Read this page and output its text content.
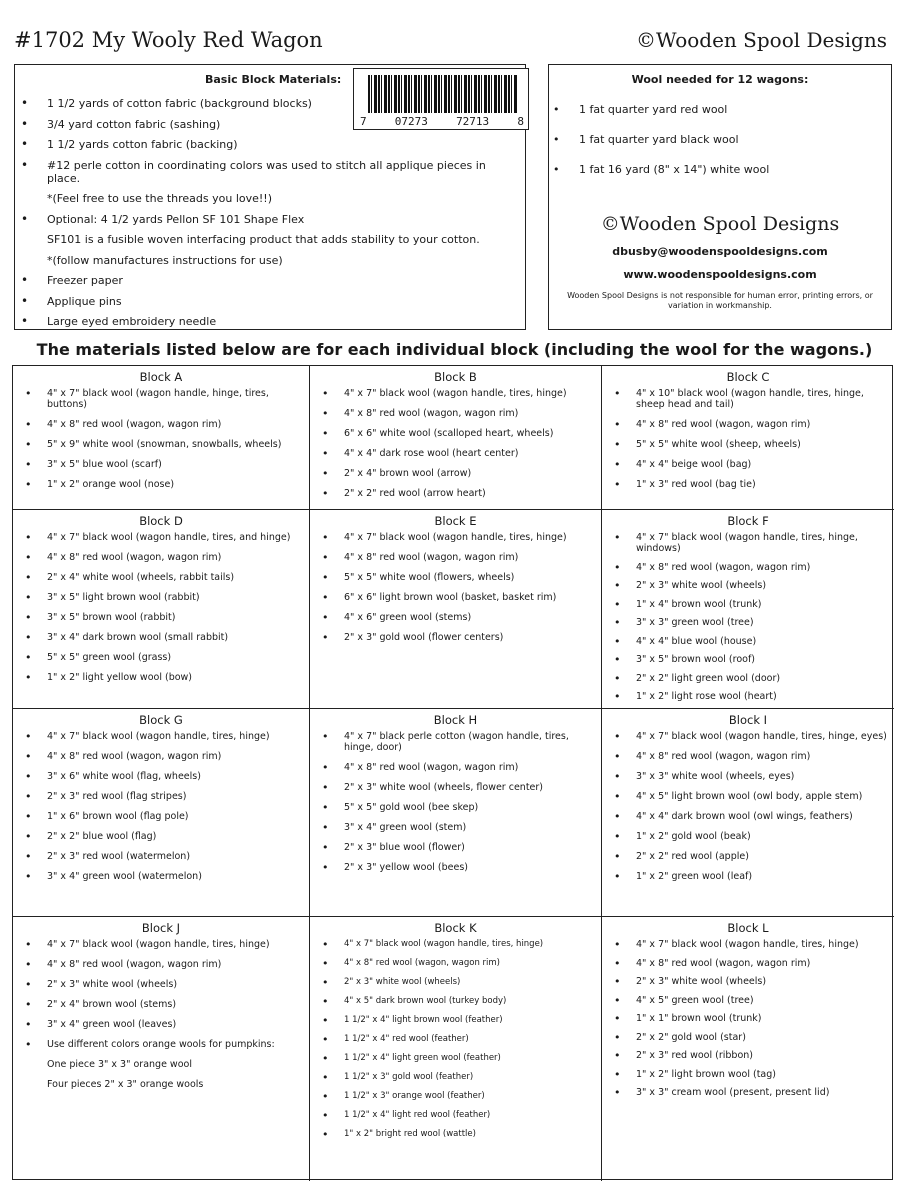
#1702 My Wooly Red Wagon	©Wooden Spool Designs
Basic Block Materials:
7	07273	72713	8
• 1 1/2 yards of cotton fabric (background blocks)
• 3/4 yard cotton fabric (sashing)
• 1 1/2 yards cotton fabric (backing)
• #12 perle cotton in coordinating colors was used to stitch all applique pieces in place.
*(Feel free to use the threads you love!!)
• Optional: 4 1/2 yards Pellon SF 101 Shape Flex
SF101 is a fusible woven interfacing product that adds stability to your cotton.
*(follow manufactures instructions for use)
• Freezer paper
• Applique pins
• Large eyed embroidery needle
Wool needed for 12 wagons:
• 1 fat quarter yard red wool
• 1 fat quarter yard black wool
• 1 fat 16 yard (8" x 14") white wool
©Wooden Spool Designs
dbusby@woodenspooldesigns.com
www.woodenspooldesigns.com
Wooden Spool Designs is not responsible for human error, printing errors, or variation in workmanship.
The materials listed below are for each individual block (including the wool for the wagons.)
Block A
• 4" x 7" black wool (wagon handle, hinge, tires, buttons)
• 4" x 8" red wool (wagon, wagon rim)
• 5" x 9" white wool (snowman, snowballs, wheels)
• 3" x 5" blue wool (scarf)
• 1" x 2" orange wool (nose)
Block B
• 4" x 7" black wool (wagon handle, tires, hinge)
• 4" x 8" red wool (wagon, wagon rim)
• 6" x 6" white wool (scalloped heart, wheels)
• 4" x 4" dark rose wool (heart center)
• 2" x 4" brown wool (arrow)
• 2" x 2" red wool (arrow heart)
Block C
• 4" x 10" black wool (wagon handle, tires, hinge, sheep head and tail)
• 4" x 8" red wool (wagon, wagon rim)
• 5" x 5" white wool (sheep, wheels)
• 4" x 4" beige wool (bag)
• 1" x 3" red wool (bag tie)
Block D
• 4" x 7" black wool (wagon handle, tires, and hinge)
• 4" x 8" red wool (wagon, wagon rim)
• 2" x 4" white wool (wheels, rabbit tails)
• 3" x 5" light brown wool (rabbit)
• 3" x 5" brown wool (rabbit)
• 3" x 4" dark brown wool (small rabbit)
• 5" x 5" green wool (grass)
• 1" x 2" light yellow wool (bow)
Block E
• 4" x 7" black wool (wagon handle, tires, hinge)
• 4" x 8" red wool (wagon, wagon rim)
• 5" x 5" white wool (flowers, wheels)
• 6" x 6" light brown wool (basket, basket rim)
• 4" x 6" green wool (stems)
• 2" x 3" gold wool (flower centers)
Block F
• 4" x 7" black wool (wagon handle, tires, hinge, windows)
• 4" x 8" red wool (wagon, wagon rim)
• 2" x 3" white wool (wheels)
• 1" x 4" brown wool (trunk)
• 3" x 3" green wool (tree)
• 4" x 4" blue wool (house)
• 3" x 5" brown wool (roof)
• 2" x 2" light green wool (door)
• 1" x 2" light rose wool (heart)
Block G
• 4" x 7" black wool (wagon handle, tires, hinge)
• 4" x 8" red wool (wagon, wagon rim)
• 3" x 6" white wool (flag, wheels)
• 2" x 3" red wool (flag stripes)
• 1" x 6" brown wool (flag pole)
• 2" x 2" blue wool (flag)
• 2" x 3" red wool (watermelon)
• 3" x 4" green wool (watermelon)
Block H
• 4" x 7" black perle cotton (wagon handle, tires, hinge, door)
• 4" x 8" red wool (wagon, wagon rim)
• 2" x 3" white wool (wheels, flower center)
• 5" x 5" gold wool (bee skep)
• 3" x 4" green wool (stem)
• 2" x 3" blue wool (flower)
• 2" x 3" yellow wool (bees)
Block I
• 4" x 7" black wool (wagon handle, tires, hinge, eyes)
• 4" x 8" red wool (wagon, wagon rim)
• 3" x 3" white wool (wheels, eyes)
• 4" x 5" light brown wool (owl body, apple stem)
• 4" x 4" dark brown wool (owl wings, feathers)
• 1" x 2" gold wool (beak)
• 2" x 2" red wool (apple)
• 1" x 2" green wool (leaf)
Block J
• 4" x 7" black wool (wagon handle, tires, hinge)
• 4" x 8" red wool (wagon, wagon rim)
• 2" x 3" white wool (wheels)
• 2" x 4" brown wool (stems)
• 3" x 4" green wool (leaves)
• Use different colors orange wools for pumpkins:
One piece 3" x 3" orange wool
Four pieces 2" x 3" orange wools
Block K
• 4" x 7" black wool (wagon handle, tires, hinge)
• 4" x 8" red wool (wagon, wagon rim)
• 2" x 3" white wool (wheels)
• 4" x 5" dark brown wool (turkey body)
• 1 1/2" x 4" light brown wool (feather)
• 1 1/2" x 4" red wool (feather)
• 1 1/2" x 4" light green wool (feather)
• 1 1/2" x 3" gold wool (feather)
• 1 1/2" x 3" orange wool (feather)
• 1 1/2" x 4" light red wool (feather)
• 1" x 2" bright red wool (wattle)
Block L
• 4" x 7" black wool (wagon handle, tires, hinge)
• 4" x 8" red wool (wagon, wagon rim)
• 2" x 3" white wool (wheels)
• 4" x 5" green wool (tree)
• 1" x 1" brown wool (trunk)
• 2" x 2" gold wool (star)
• 2" x 3" red wool (ribbon)
• 1" x 2" light brown wool (tag)
• 3" x 3" cream wool (present, present lid)
